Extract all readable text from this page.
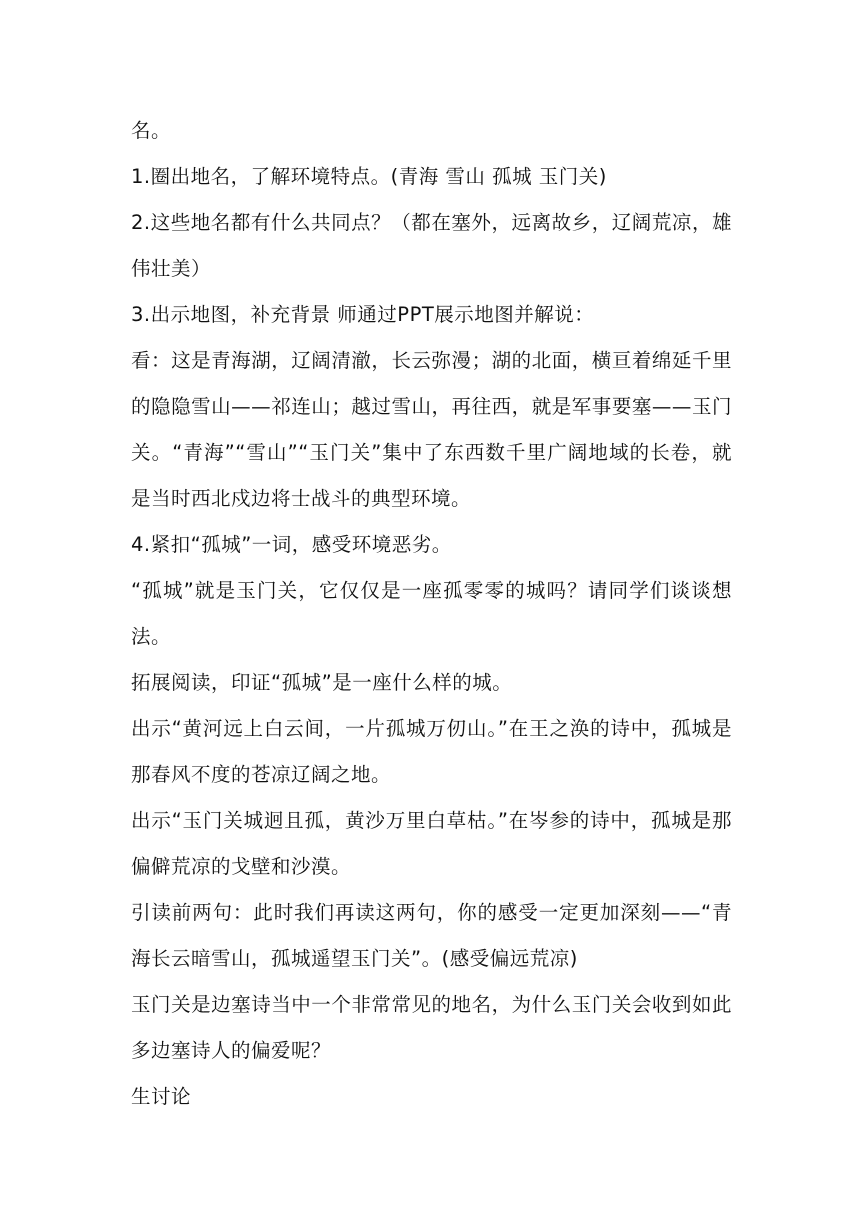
名。

1.圈出地名，了解环境特点。(青海 雪山 孤城 玉门关)

2.这些地名都有什么共同点？（都在塞外，远离故乡，辽阔荒凉，雄伟壮美）

3.出示地图，补充背景 师通过PPT展示地图并解说：

看：这是青海湖，辽阔清澈，长云弥漫；湖的北面，横亘着绵延千里的隐隐雪山——祁连山；越过雪山，再往西，就是军事要塞——玉门关。“青海”“雪山”“玉门关”集中了东西数千里广阔地域的长卷，就是当时西北戍边将士战斗的典型环境。

4.紧扣“孤城”一词，感受环境恶劣。

“孤城”就是玉门关，它仅仅是一座孤零零的城吗？请同学们谈谈想法。

拓展阅读，印证“孤城”是一座什么样的城。

出示“黄河远上白云间，一片孤城万仞山。”在王之涣的诗中，孤城是那春风不度的苍凉辽阔之地。

出示“玉门关城迥且孤，黄沙万里白草枯。”在岑参的诗中，孤城是那偏僻荒凉的戈壁和沙漠。

引读前两句：此时我们再读这两句，你的感受一定更加深刻——“青海长云暗雪山，孤城遥望玉门关”。(感受偏远荒凉)

玉门关是边塞诗当中一个非常常见的地名，为什么玉门关会收到如此多边塞诗人的偏爱呢？

生讨论
